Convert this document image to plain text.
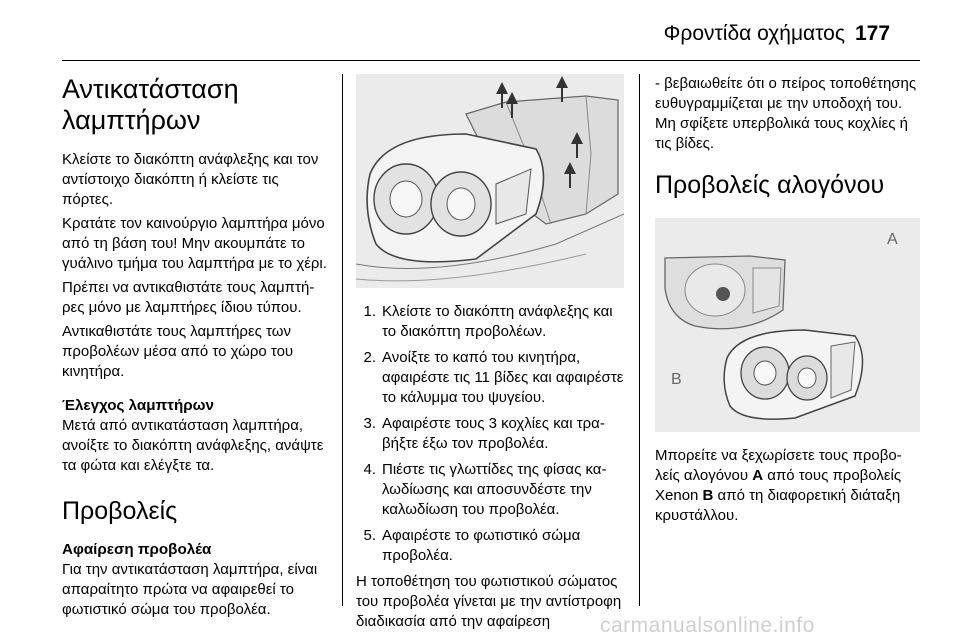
Φροντίδα οχήματος 177
Αντικατάσταση
λαμπτήρων

Κλείστε το διακόπτη ανάφλεξης και τον αντίστοιχο διακόπτη ή κλείστε τις πόρτες.

Κρατάτε τον καινούργιο λαμπτήρα μόνο από τη βάση του! Μην ακουμπάτε το γυάλινο τμήμα του λαμπτήρα με το χέρι.

Πρέπει να αντικαθιστάτε τους λαμπτήρες μόνο με λαμπτήρες ίδιου τύπου.

Αντικαθιστάτε τους λαμπτήρες των προβολέων μέσα από το χώρο του κινητήρα.

Έλεγχος λαμπτήρων

Μετά από αντικατάσταση λαμπτήρα, ανοίξτε το διακόπτη ανάφλεξης, ανάψτε τα φώτα και ελέγξτε τα.

Προβολείς
Αφαίρεση προβολέα

Για την αντικατάσταση λαμπτήρα, είναι απαραίτητο πρώτα να αφαιρεθεί το φωτιστικό σώμα του προβολέα.

1. Κλείστε το διακόπτη ανάφλεξης και το διακόπτη προβολέων.
2. Ανοίξτε το καπό του κινητήρα, αφαιρέστε τις 11 βίδες και αφαιρέστε το κάλυμμα του ψυγείου.
3. Αφαιρέστε τους 3 κοχλίες και τραβήξτε έξω τον προβολέα.
4. Πιέστε τις γλωττίδες της φίσας καλωδίωσης και αποσυνδέστε την καλωδίωση του προβολέα.
5. Αφαιρέστε το φωτιστικό σώμα προβολέα.

Η τοποθέτηση του φωτιστικού σώματος του προβολέα γίνεται με την αντίστροφη διαδικασία από την αφαίρεση

- βεβαιωθείτε ότι ο πείρος τοποθέτησης ευθυγραμμίζεται με την υποδοχή του. Μη σφίξετε υπερβολικά τους κοχλίες ή τις βίδες.

Προβολείς αλογόνου
A
B

Μπορείτε να ξεχωρίσετε τους προβολείς αλογόνου A από τους προβολείς Xenon B από τη διαφορετική διάταξη κρυστάλλου.

carmanualsonline.info
